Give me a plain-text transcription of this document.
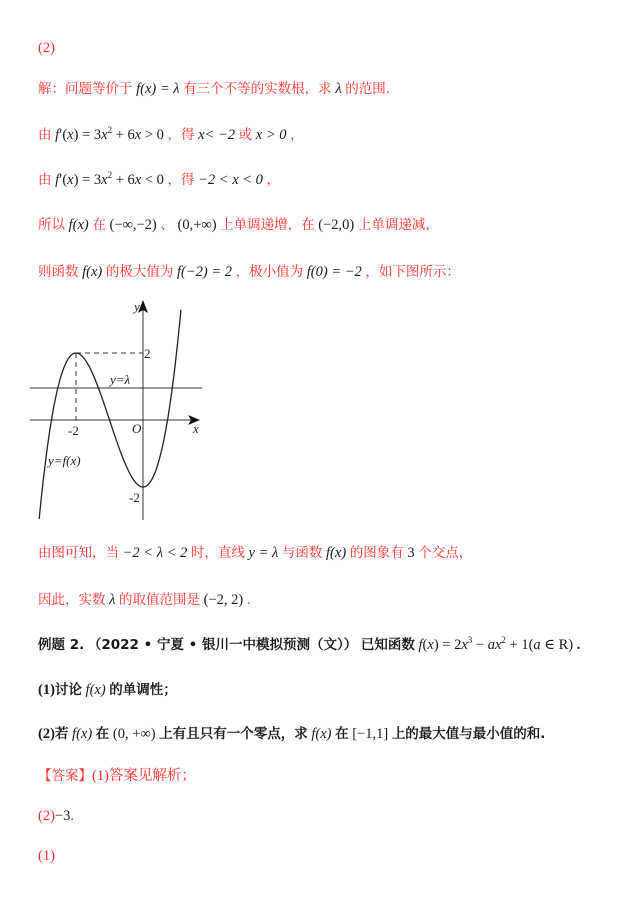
(2)
解：问题等价于 f(x) = λ 有三个不等的实数根，求 λ 的范围.
由 $f'(x) = 3x^2 + 6x > 0$ ，得 x< −2 或 x > 0 ，
由 $f'(x) = 3x^2 + 6x < 0$ ，得 −2 < x < 0 ，
所以 f(x) 在 (−∞,−2) 、 (0,+∞) 上单调递增，在 (−2,0) 上单调递减，
则函数 f(x) 的极大值为 f(−2) = 2 ，极小值为 f(0) = −2 ，如下图所示：
y
x
O
2
-2
-2
y=λ
y=f(x)
由图可知，当 −2 < λ < 2 时，直线 y = λ 与函数 f(x) 的图象有 3 个交点，
因此，实数 λ 的取值范围是 (−2, 2) .
例题 2. （2022 • 宁夏 • 银川一中模拟预测（文）） 已知函数 $f(x) = 2x^3 - ax^2 + 1(a$ ∈ R) .
(1)讨论 f(x) 的单调性；
(2)若 f(x) 在 (0, +∞) 上有且只有一个零点，求 f(x) 在 [−1,1] 上的最大值与最小值的和.
【答案】(1)答案见解析；
(2)−3.
(1)
